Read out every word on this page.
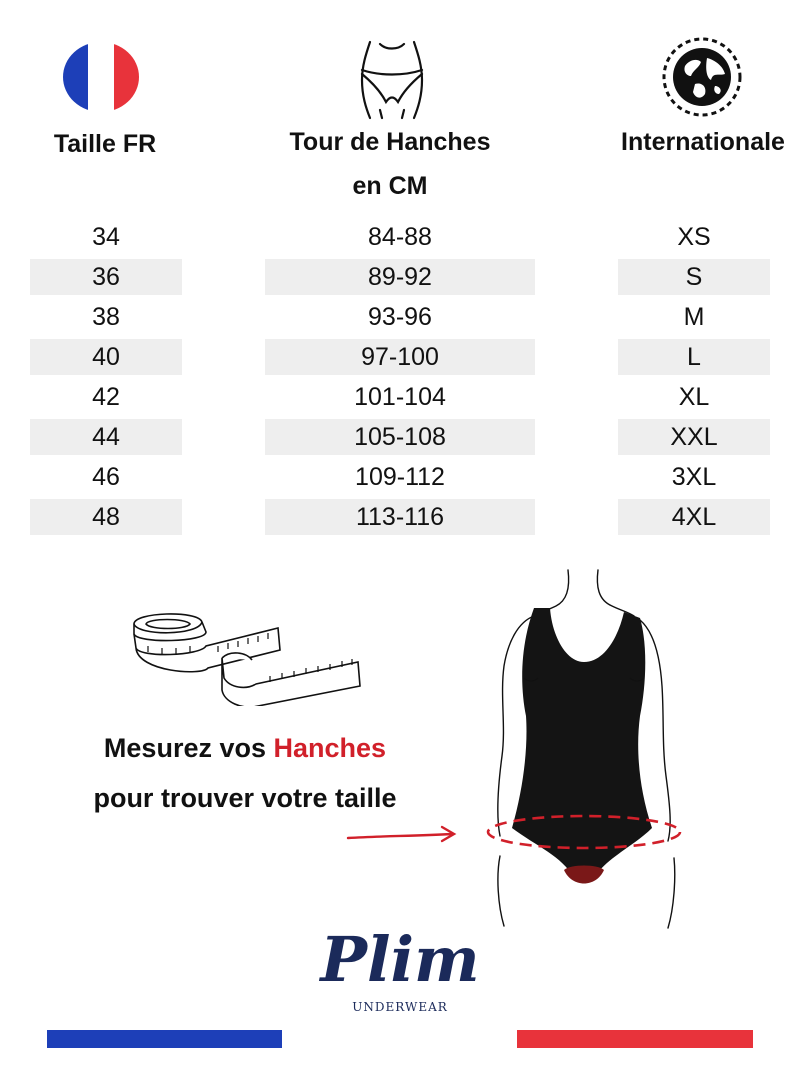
Taille FR	Tour de Hanches
en CM
Internationale
34	84-88	XS
36	89-92	S
38	93-96	M
40	97-100	L
42	101-104	XL
44	105-108	XXL
46	109-112	3XL
48	113-116	4XL
Mesurez vos Hanches
pour trouver votre taille
Plim
UNDERWEAR
